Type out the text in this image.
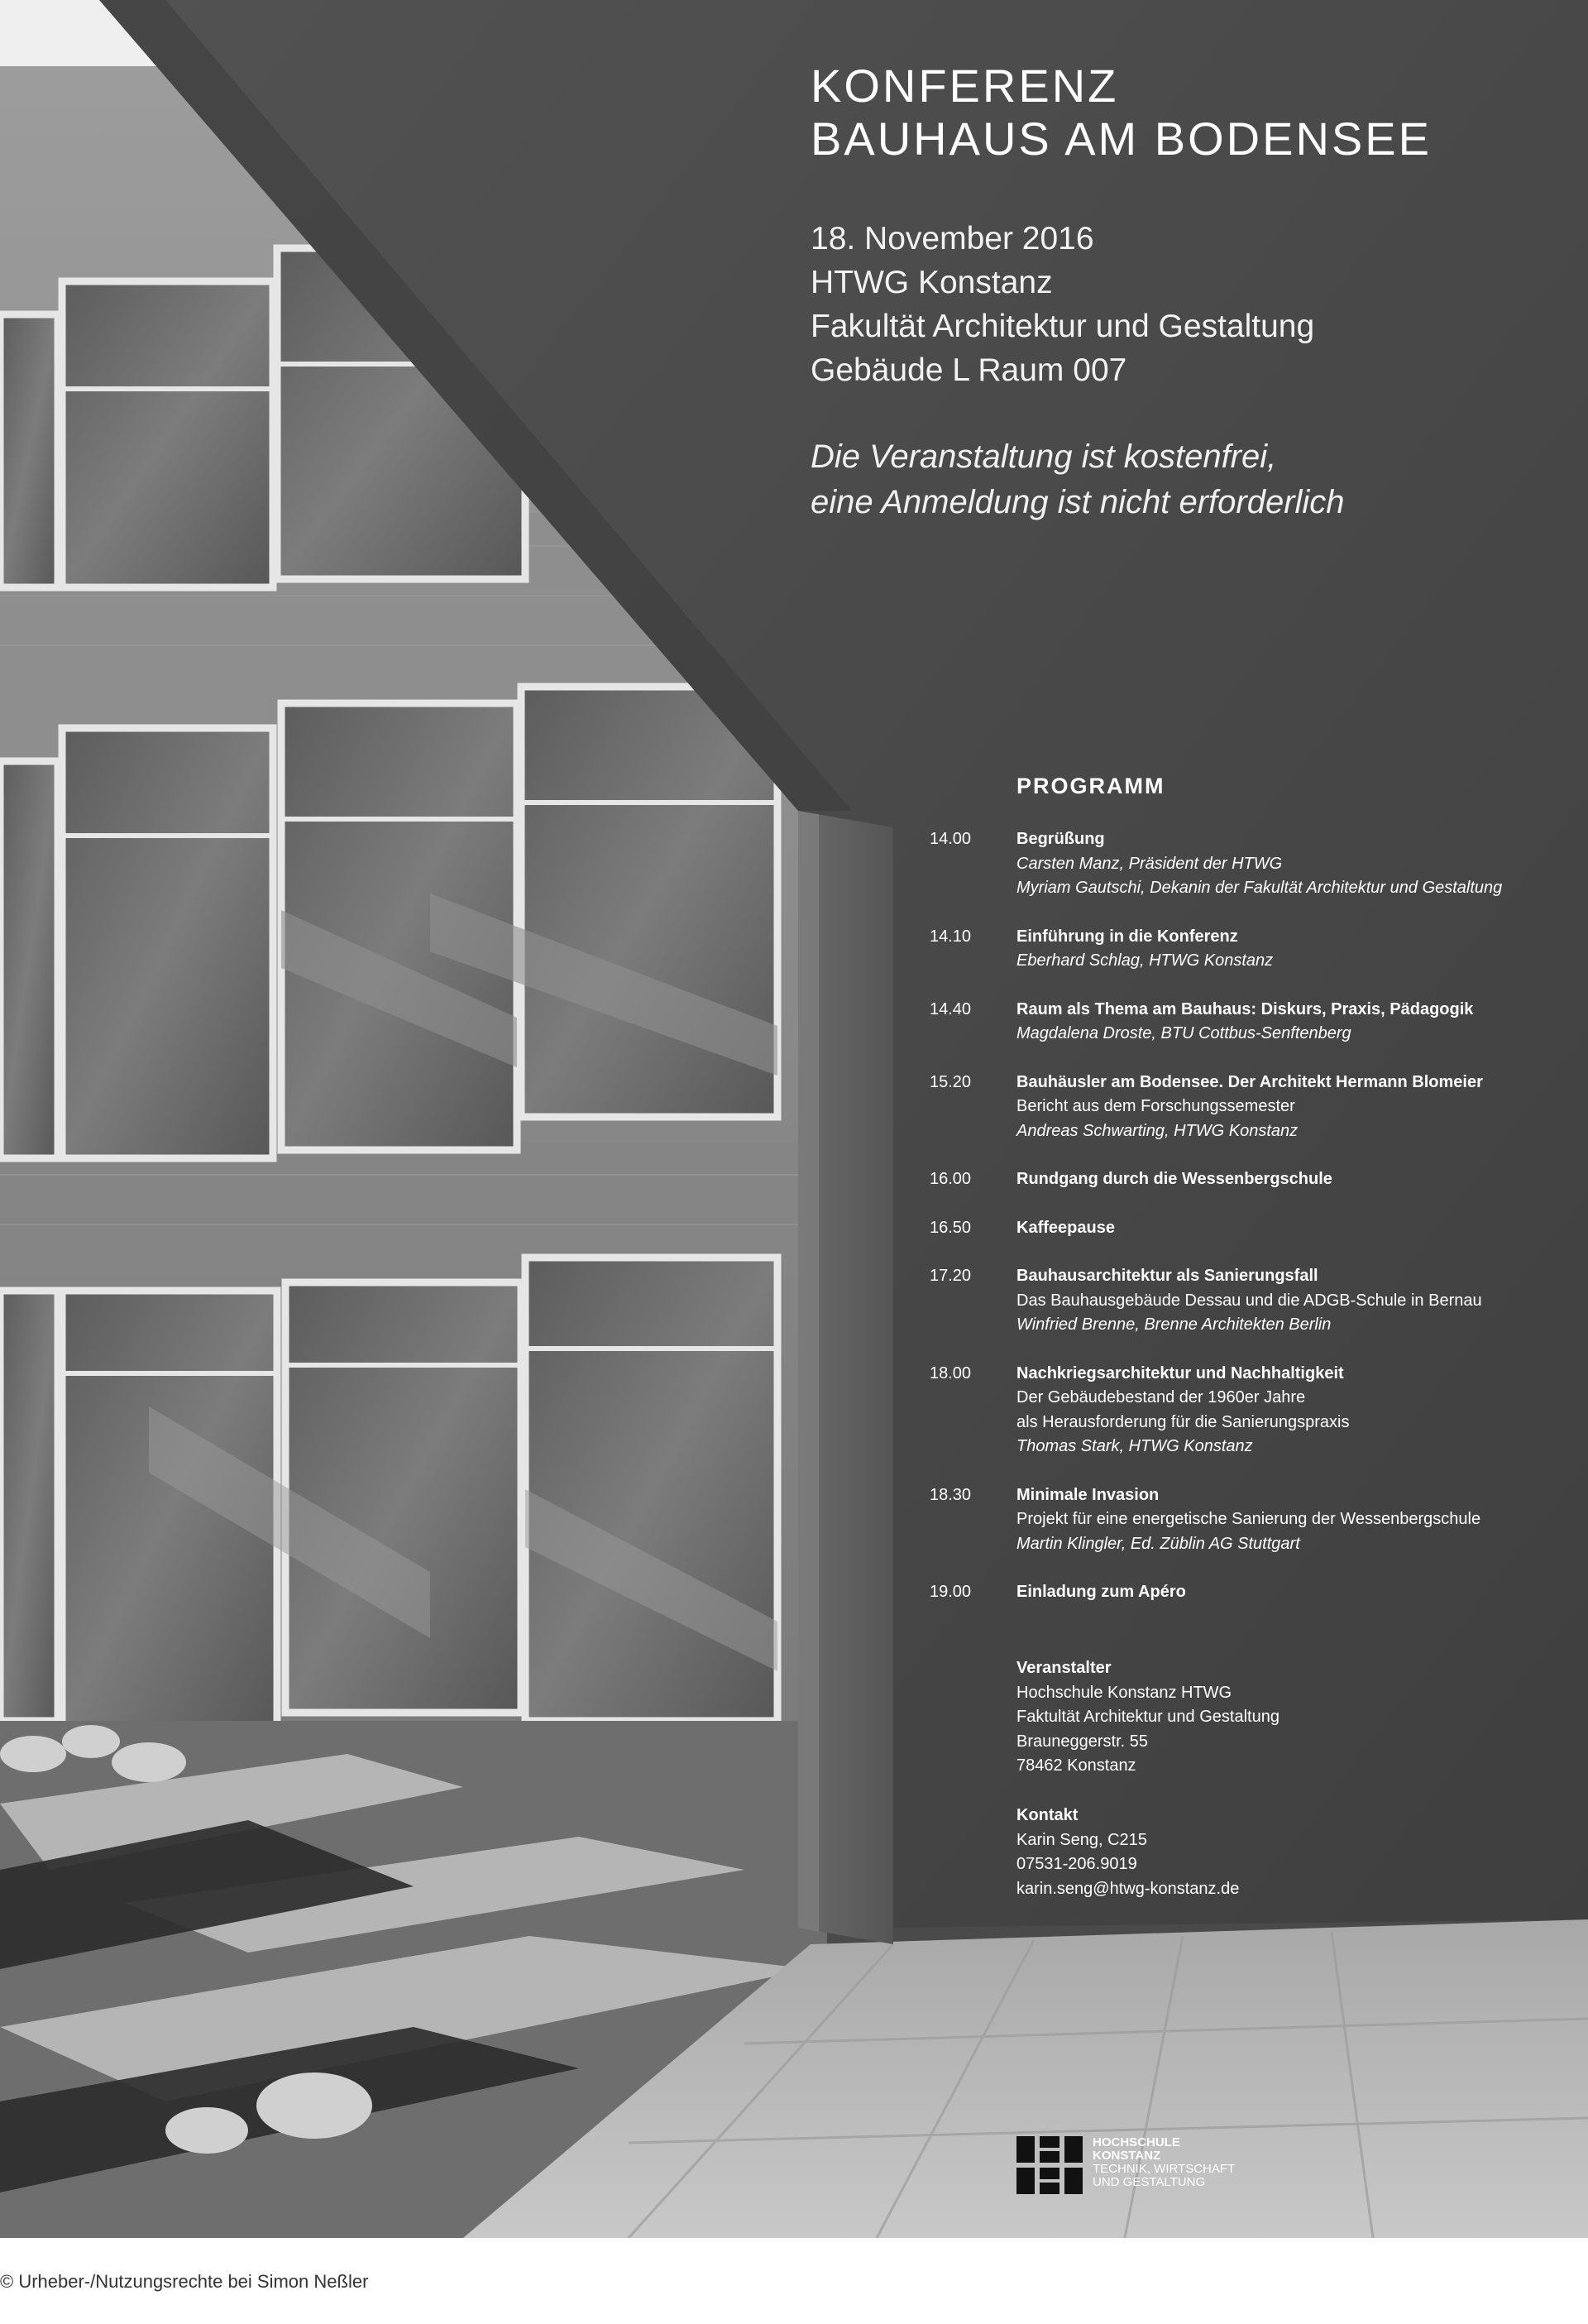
KONFERENZ
BAUHAUS AM BODENSEE
18. November 2016
HTWG Konstanz
Fakultät Architektur und Gestaltung
Gebäude L Raum 007
Die Veranstaltung ist kostenfrei,
eine Anmeldung ist nicht erforderlich
PROGRAMM
14.00	Begrüßung
Carsten Manz, Präsident der HTWG
Myriam Gautschi, Dekanin der Fakultät Architektur und Gestaltung
14.10	Einführung in die Konferenz
Eberhard Schlag, HTWG Konstanz
14.40	Raum als Thema am Bauhaus: Diskurs, Praxis, Pädagogik
Magdalena Droste, BTU Cottbus-Senftenberg
15.20	Bauhäusler am Bodensee. Der Architekt Hermann Blomeier
Bericht aus dem Forschungssemester
Andreas Schwarting, HTWG Konstanz
16.00	Rundgang durch die Wessenbergschule
16.50	Kaffeepause
17.20	Bauhausarchitektur als Sanierungsfall
Das Bauhausgebäude Dessau und die ADGB-Schule in Bernau
Winfried Brenne, Brenne Architekten Berlin
18.00	Nachkriegsarchitektur und Nachhaltigkeit
Der Gebäudebestand der 1960er Jahre
als Herausforderung für die Sanierungspraxis
Thomas Stark, HTWG Konstanz
18.30	Minimale Invasion
Projekt für eine energetische Sanierung der Wessenbergschule
Martin Klingler, Ed. Züblin AG Stuttgart
19.00	Einladung zum Apéro
Veranstalter
Hochschule Konstanz HTWG
Faktultät Architektur und Gestaltung
Brauneggerstr. 55
78462 Konstanz
Kontakt
Karin Seng, C215
07531-206.9019
karin.seng@htwg-konstanz.de
HOCHSCHULE
KONSTANZ
TECHNIK, WIRTSCHAFT
UND GESTALTUNG
© Urheber-/Nutzungsrechte bei Simon Neßler
